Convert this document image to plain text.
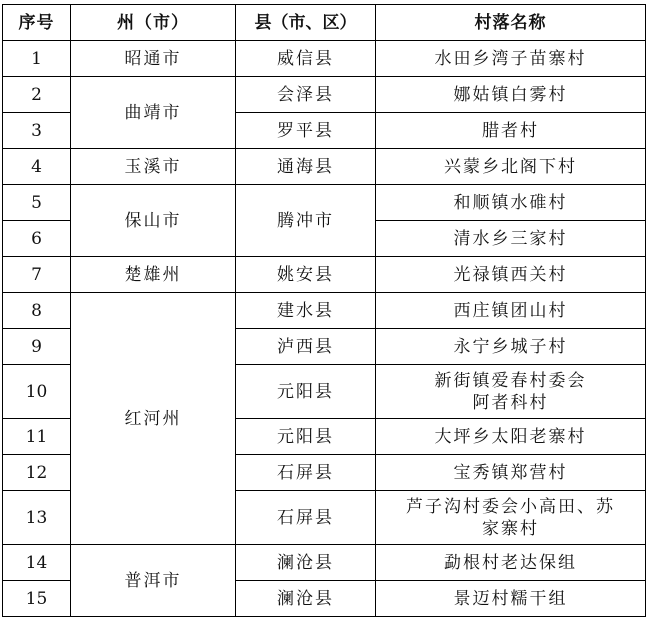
序号	州（市）	县（市、区）	村落名称
1	昭通市	威信县	水田乡湾子苗寨村
2	曲靖市	会泽县	娜姑镇白雾村
3		罗平县	腊者村
4	玉溪市	通海县	兴蒙乡北阁下村
5	保山市	腾冲市	和顺镇水碓村
6			清水乡三家村
7	楚雄州	姚安县	光禄镇西关村
8	红河州	建水县	西庄镇团山村
9		泸西县	永宁乡城子村
10		元阳县	新街镇爱春村委会
阿者科村

11		元阳县	大坪乡太阳老寨村
12		石屏县	宝秀镇郑营村
13		石屏县	芦子沟村委会小高田、苏
家寨村

14	普洱市	澜沧县	勐根村老达保组
15		澜沧县	景迈村糯干组
